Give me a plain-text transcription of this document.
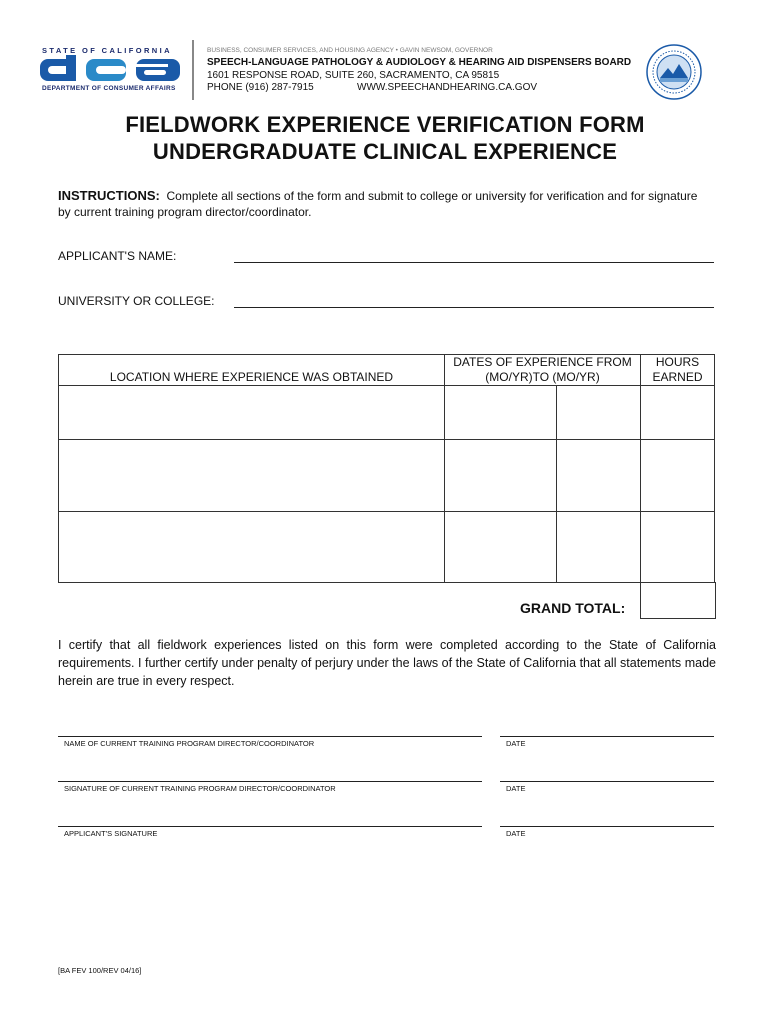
STATE OF CALIFORNIA
DEPARTMENT OF CONSUMER AFFAIRS
BUSINESS, CONSUMER SERVICES, AND HOUSING AGENCY • GAVIN NEWSOM, GOVERNOR
SPEECH-LANGUAGE PATHOLOGY & AUDIOLOGY & HEARING AID DISPENSERS BOARD
1601 RESPONSE ROAD, SUITE 260, SACRAMENTO, CA 95815
PHONE (916) 287-7915	WWW.SPEECHANDHEARING.CA.GOV
FIELDWORK EXPERIENCE VERIFICATION FORM
UNDERGRADUATE CLINICAL EXPERIENCE
INSTRUCTIONS: Complete all sections of the form and submit to college or university for verification and for signature by current training program director/coordinator.
APPLICANT'S NAME:
UNIVERSITY OR COLLEGE:
LOCATION WHERE EXPERIENCE WAS OBTAINED	DATES OF EXPERIENCE FROM (MO/YR)TO (MO/YR)		HOURS EARNED

GRAND TOTAL:
I certify that all fieldwork experiences listed on this form were completed according to the State of California requirements. I further certify under penalty of perjury under the laws of the State of California that all statements made herein are true in every respect.
NAME OF CURRENT TRAINING PROGRAM DIRECTOR/COORDINATOR	DATE
SIGNATURE OF CURRENT TRAINING PROGRAM DIRECTOR/COORDINATOR	DATE
APPLICANT'S SIGNATURE	DATE
[BA FEV 100/REV 04/16]
